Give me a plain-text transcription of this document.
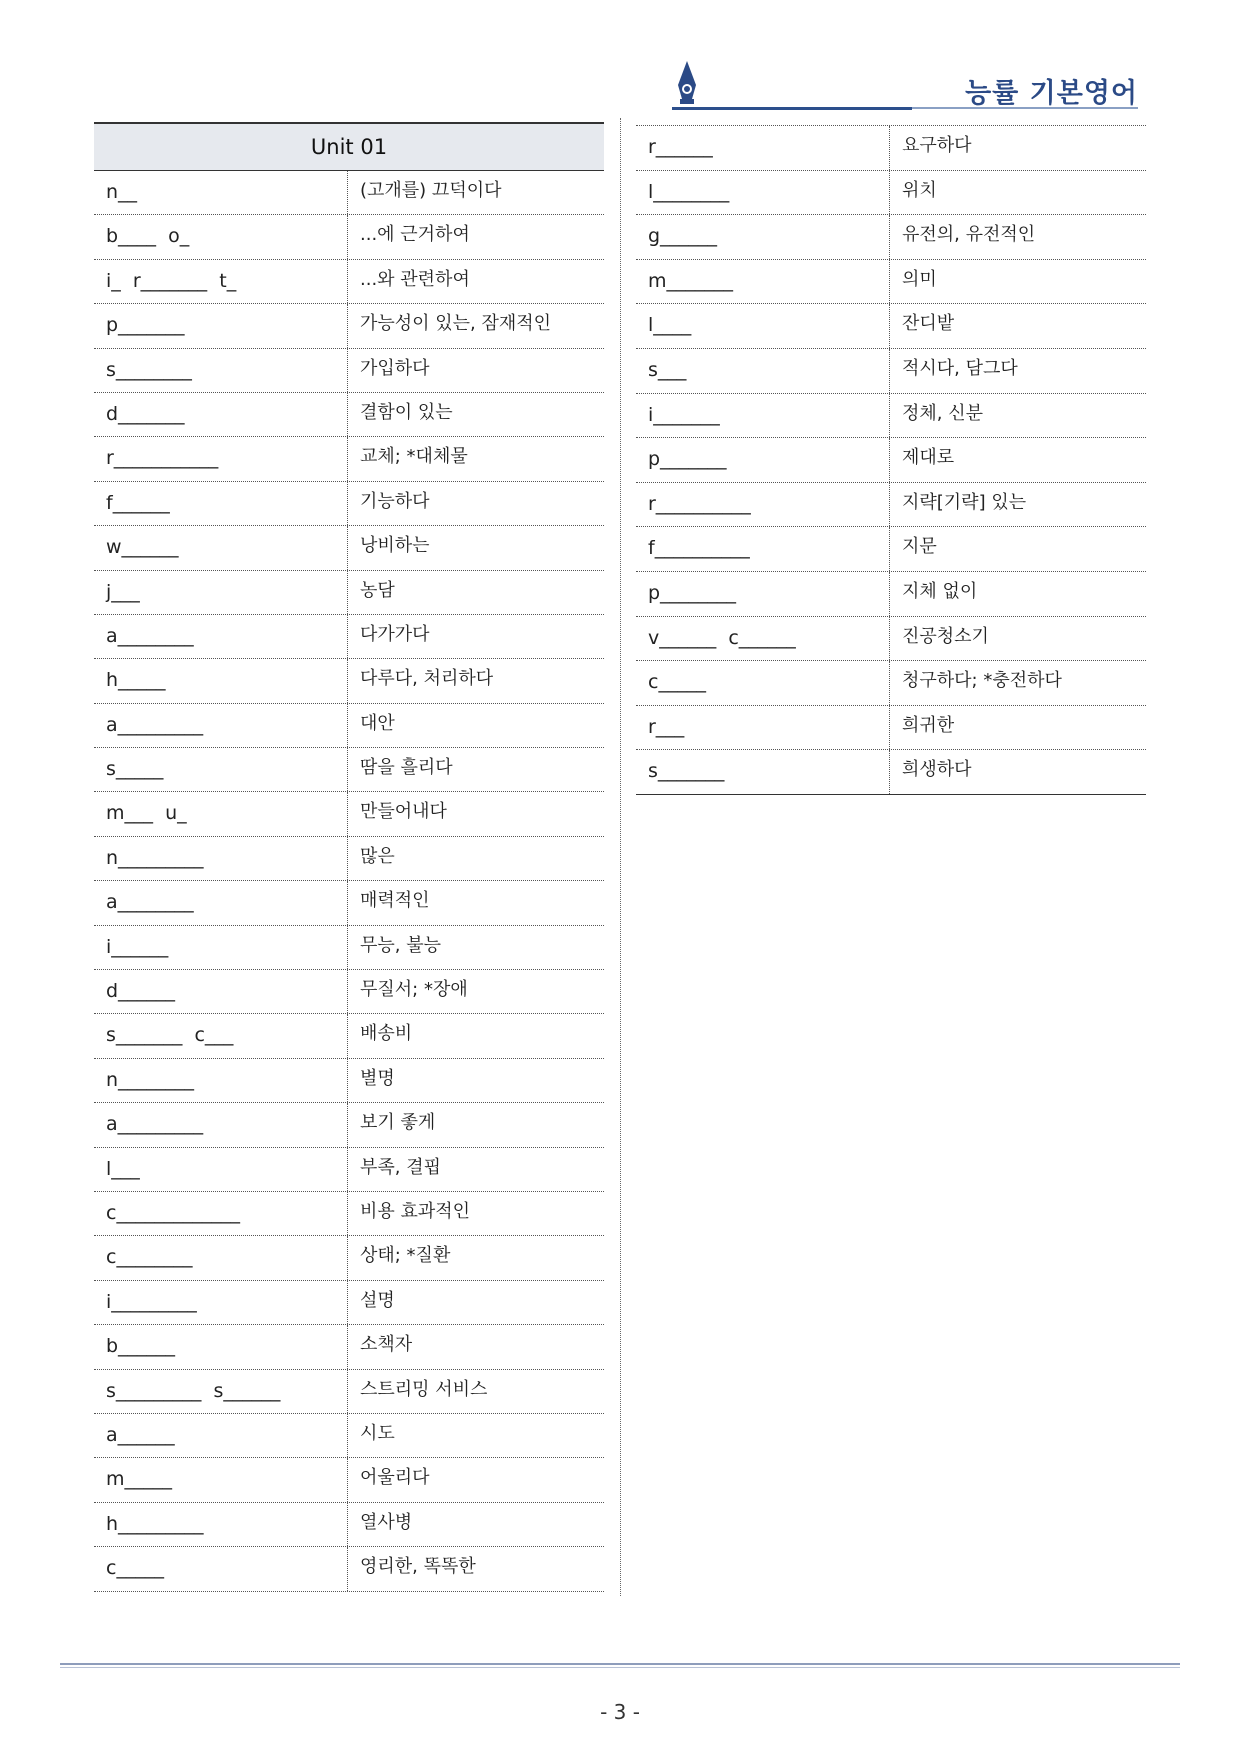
능률 기본영어
Unit 01
n__	(고개를) 끄덕이다
b____  o_	...에 근거하여
i_  r_______  t_	...와 관련하여
p_______	가능성이 있는, 잠재적인
s________	가입하다
d_______	결함이 있는
r___________	교체; *대체물
f______	기능하다
w______	낭비하는
j___	농담
a________	다가가다
h_____	다루다, 처리하다
a_________	대안
s_____	땀을 흘리다
m___  u_	만들어내다
n_________	많은
a________	매력적인
i______	무능, 불능
d______	무질서; *장애
s_______  c___	배송비
n________	별명
a_________	보기 좋게
l___	부족, 결핍
c_____________	비용 효과적인
c________	상태; *질환
i_________	설명
b______	소책자
s_________  s______	스트리밍 서비스
a______	시도
m_____	어울리다
h_________	열사병
c_____	영리한, 똑똑한
r______	요구하다
l________	위치
g______	유전의, 유전적인
m_______	의미
l____	잔디밭
s___	적시다, 담그다
i_______	정체, 신분
p_______	제대로
r__________	지략[기략] 있는
f__________	지문
p________	지체 없이
v______  c______	진공청소기
c_____	청구하다; *충전하다
r___	희귀한
s_______	희생하다
- 3 -
